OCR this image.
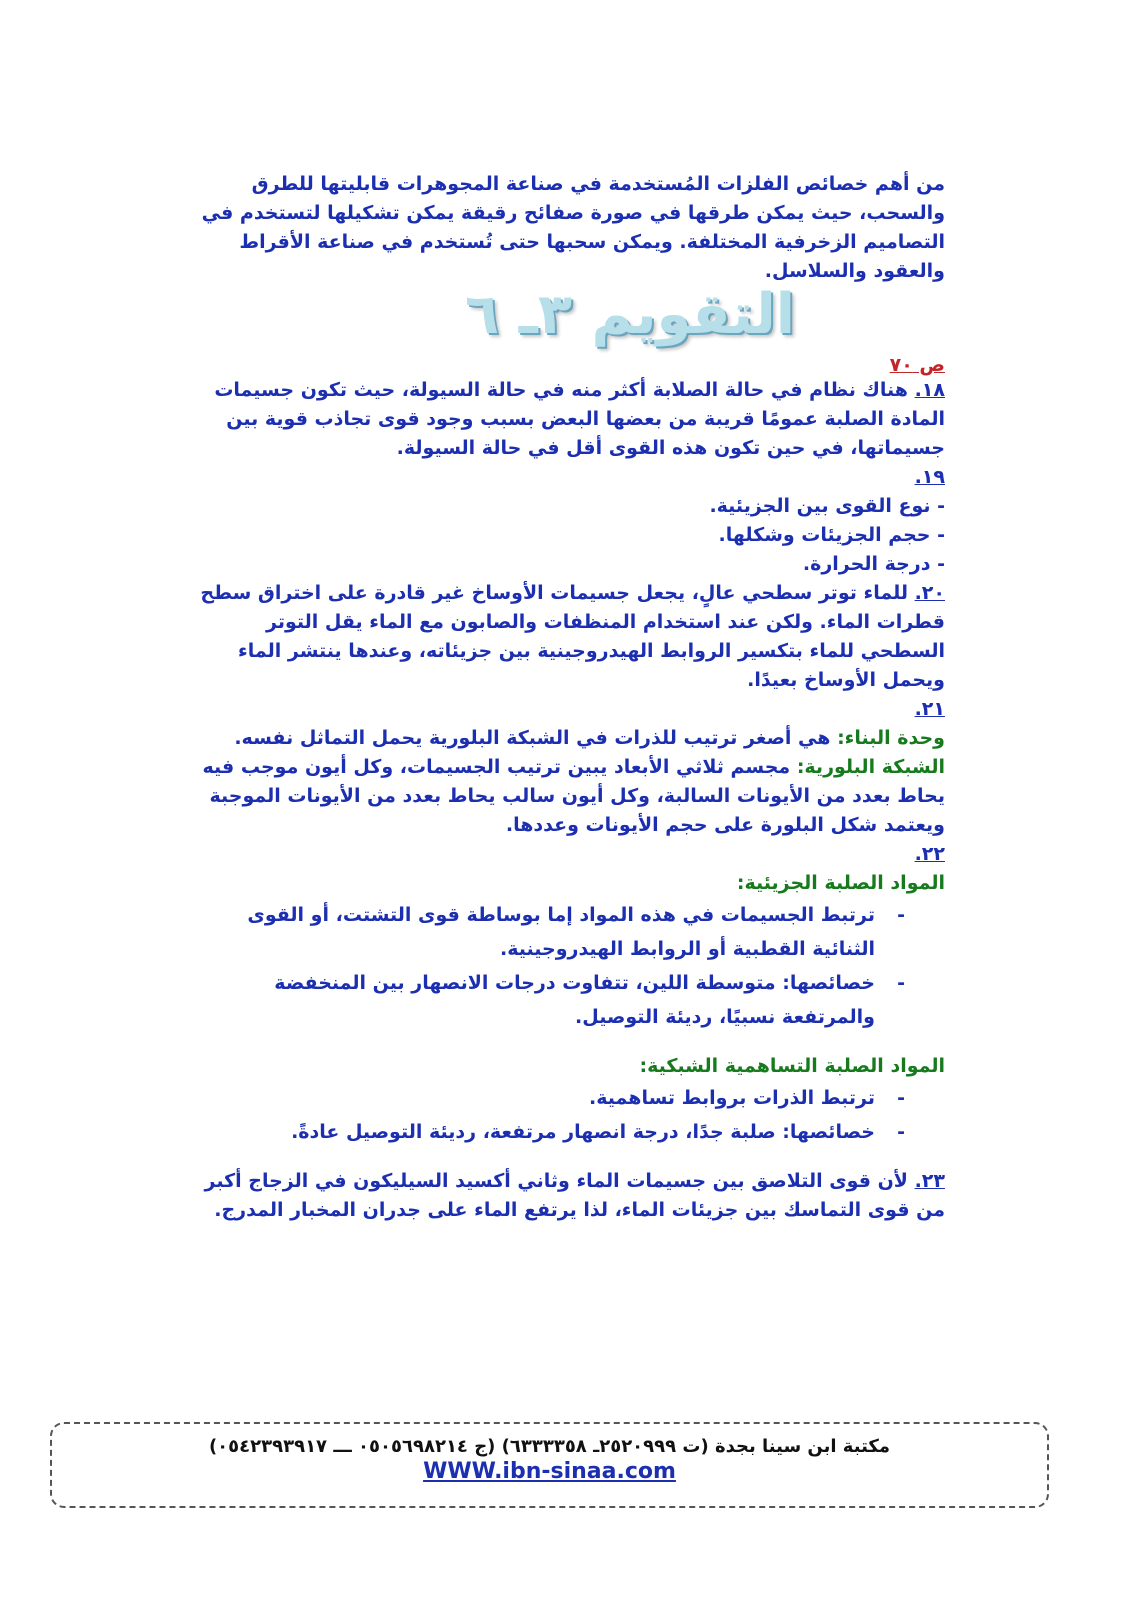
من أهم خصائص الفلزات المُستخدمة في صناعة المجوهرات قابليتها للطرق والسحب، حيث يمكن طرقها في صورة صفائح رقيقة يمكن تشكيلها لتستخدم في التصاميم الزخرفية المختلفة. ويمكن سحبها حتى تُستخدم في صناعة الأقراط والعقود والسلاسل.

التقويم ٣ـ ٦
ص ٧٠

١٨. هناك نظام في حالة الصلابة أكثر منه في حالة السيولة، حيث تكون جسيمات المادة الصلبة عمومًا قريبة من بعضها البعض بسبب وجود قوى تجاذب قوية بين جسيماتها، في حين تكون هذه القوى أقل في حالة السيولة.

١٩.

- نوع القوى بين الجزيئية.
- حجم الجزيئات وشكلها.
- درجة الحرارة.

٢٠. للماء توتر سطحي عالٍ، يجعل جسيمات الأوساخ غير قادرة على اختراق سطح قطرات الماء. ولكن عند استخدام المنظفات والصابون مع الماء يقل التوتر السطحي للماء بتكسير الروابط الهيدروجينية بين جزيئاته، وعندها ينتشر الماء ويحمل الأوساخ بعيدًا.

٢١.

وحدة البناء: هي أصغر ترتيب للذرات في الشبكة البلورية يحمل التماثل نفسه.

الشبكة البلورية: مجسم ثلاثي الأبعاد يبين ترتيب الجسيمات، وكل أيون موجب فيه يحاط بعدد من الأيونات السالبة، وكل أيون سالب يحاط بعدد من الأيونات الموجبة ويعتمد شكل البلورة على حجم الأيونات وعددها.

٢٢.

المواد الصلبة الجزيئية:

-
ترتبط الجسيمات في هذه المواد إما بوساطة قوى التشتت، أو القوى الثنائية القطبية أو الروابط الهيدروجينية.
-
خصائصها: متوسطة اللين، تتفاوت درجات الانصهار بين المنخفضة والمرتفعة نسبيًا، رديئة التوصيل.

المواد الصلبة التساهمية الشبكية:

-
ترتبط الذرات بروابط تساهمية.
-
خصائصها: صلبة جدًا، درجة انصهار مرتفعة، رديئة التوصيل عادةً.

٢٣. لأن قوى التلاصق بين جسيمات الماء وثاني أكسيد السيليكون في الزجاج أكبر من قوى التماسك بين جزيئات الماء، لذا يرتفع الماء على جدران المخبار المدرج.

مكتبة ابن سينا بجدة (ت ٢٥٢٠٩٩٩ـ ٦٣٣٣٣٥٨) (ج ٠٥٠٥٦٩٨٢١٤ ـــ ٠٥٤٢٣٩٣٩١٧)
WWW.ibn-sinaa.com
